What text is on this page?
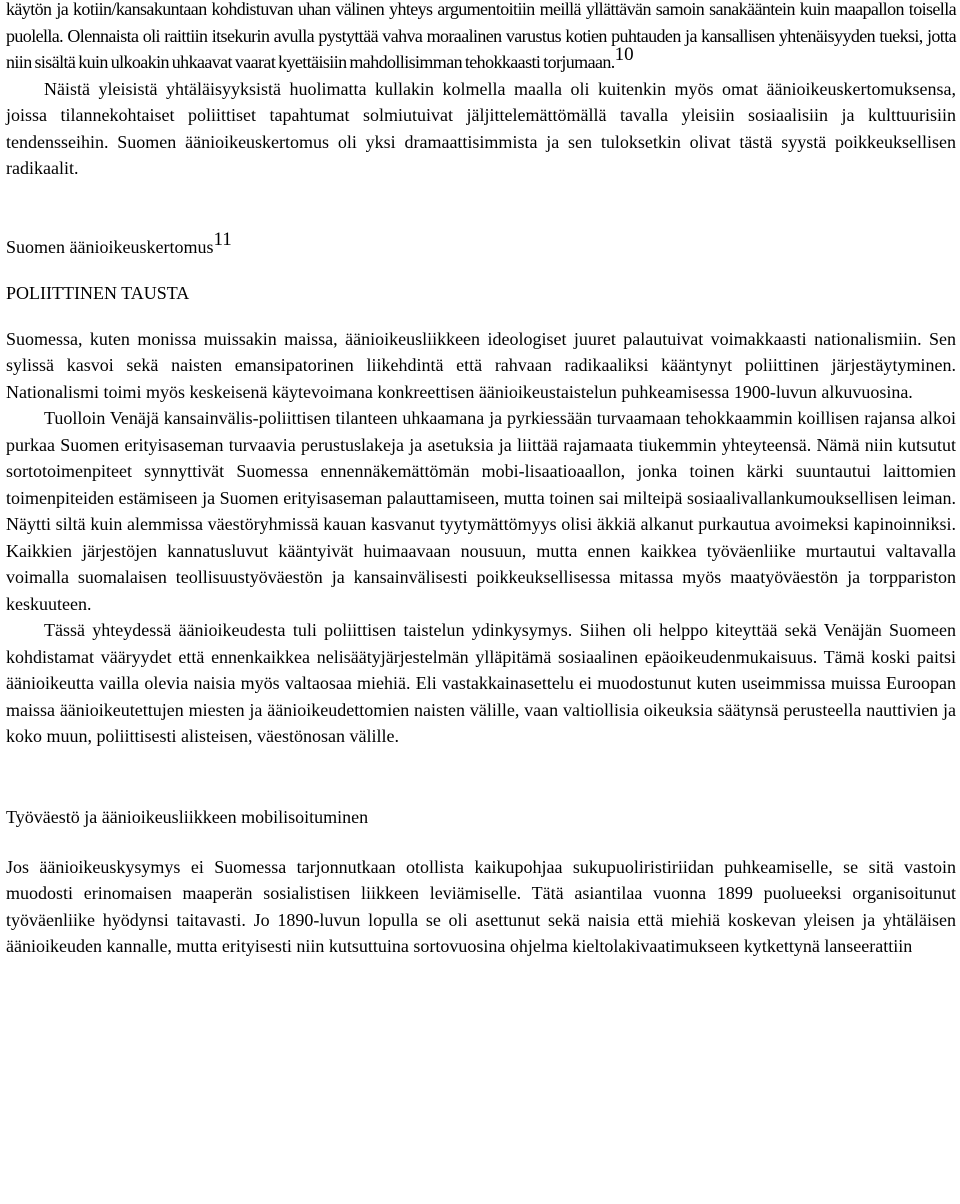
käytön ja kotiin/kansakuntaan kohdistuvan uhan välinen yhteys argumentoitiin meillä yllättävän samoin sanakääntein kuin maapallon toisella puolella. Olennaista oli raittiin itsekurin avulla pystyttää vahva moraalinen varustus kotien puhtauden ja kansallisen yhtenäisyyden tueksi, jotta niin sisältä kuin ulkoakin uhkaavat vaarat kyettäisiin mahdollisimman tehokkaasti torjumaan.$^{10}$

Näistä yleisistä yhtäläisyyksistä huolimatta kullakin kolmella maalla oli kuitenkin myös omat äänioikeuskertomuksensa, joissa tilannekohtaiset poliittiset tapahtumat solmiutuivat jäljittelemättömällä tavalla yleisiin sosiaalisiin ja kulttuurisiin tendensseihin. Suomen äänioikeuskertomus oli yksi dramaattisimmista ja sen tuloksetkin olivat tästä syystä poikkeuksellisen radikaalit.

Suomen äänioikeuskertomus$^{11}$

POLIITTINEN TAUSTA

Suomessa, kuten monissa muissakin maissa, äänioikeusliikkeen ideologiset juuret palautuivat voimakkaasti nationalismiin. Sen sylissä kasvoi sekä naisten emansipatorinen liikehdintä että rahvaan radikaaliksi kääntynyt poliittinen järjestäytyminen. Nationalismi toimi myös keskeisenä käytevoimana konkreettisen äänioikeustaistelun puhkeamisessa 1900-luvun alkuvuosina.

Tuolloin Venäjä kansainvälis-poliittisen tilanteen uhkaamana ja pyrkiessään turvaamaan tehokkaammin koillisen rajansa alkoi purkaa Suomen erityisaseman turvaavia perustuslakeja ja asetuksia ja liittää rajamaata tiukemmin yhteyteensä. Nämä niin kutsutut sortotoimenpiteet synnyttivät Suomessa ennennäkemättömän mobi-lisaatioaallon, jonka toinen kärki suuntautui laittomien toimenpiteiden estämiseen ja Suomen erityisaseman palauttamiseen, mutta toinen sai milteipä sosiaalivallankumouksellisen leiman. Näytti siltä kuin alemmissa väestöryhmissä kauan kasvanut tyytymättömyys olisi äkkiä alkanut purkautua avoimeksi kapinoinniksi. Kaikkien järjestöjen kannatusluvut kääntyivät huimaavaan nousuun, mutta ennen kaikkea työväenliike murtautui valtavalla voimalla suomalaisen teollisuustyöväestön ja kansainvälisesti poikkeuksellisessa mitassa myös maatyöväestön ja torppariston keskuuteen.

Tässä yhteydessä äänioikeudesta tuli poliittisen taistelun ydinkysymys. Siihen oli helppo kiteyttää sekä Venäjän Suomeen kohdistamat vääryydet että ennenkaikkea nelisäätyjärjestelmän ylläpitämä sosiaalinen epäoikeudenmukaisuus. Tämä koski paitsi äänioikeutta vailla olevia naisia myös valtaosaa miehiä. Eli vastakkainasettelu ei muodostunut kuten useimmissa muissa Euroopan maissa äänioikeutettujen miesten ja äänioikeudettomien naisten välille, vaan valtiollisia oikeuksia säätynsä perusteella nauttivien ja koko muun, poliittisesti alisteisen, väestönosan välille.

Työväestö ja äänioikeusliikkeen mobilisoituminen

Jos äänioikeuskysymys ei Suomessa tarjonnutkaan otollista kaikupohjaa sukupuoliristiriidan puhkeamiselle, se sitä vastoin muodosti erinomaisen maaperän sosialistisen liikkeen leviämiselle. Tätä asiantilaa vuonna 1899 puolueeksi organisoitunut työväenliike hyödynsi taitavasti. Jo 1890-luvun lopulla se oli asettunut sekä naisia että miehiä koskevan yleisen ja yhtäläisen äänioikeuden kannalle, mutta erityisesti niin kutsuttuina sortovuosina ohjelma kieltolakivaatimukseen kytkettynä lanseerattiin
